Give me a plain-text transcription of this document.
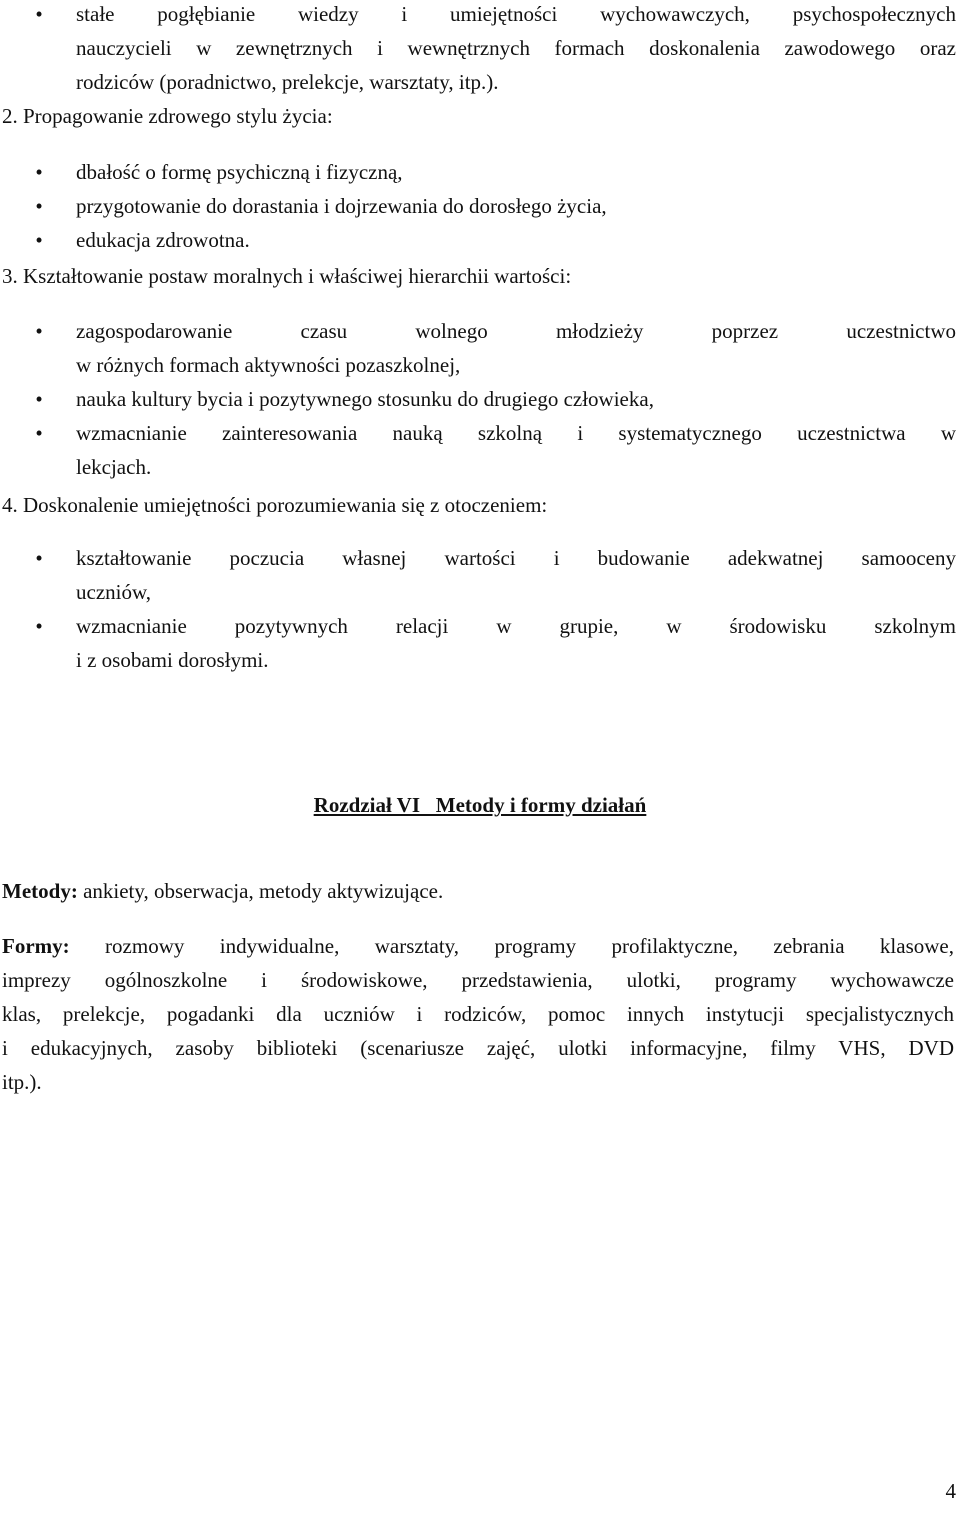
•	stałe pogłębianie wiedzy i umiejętności wychowawczych, psychospołecznych
nauczycieli w zewnętrznych i wewnętrznych formach doskonalenia zawodowego oraz
rodziców (poradnictwo, prelekcje, warsztaty, itp.).
2. Propagowanie zdrowego stylu życia:
•	dbałość o formę psychiczną i fizyczną,
•	przygotowanie do dorastania i dojrzewania do dorosłego życia,
•	edukacja zdrowotna.
3. Kształtowanie postaw moralnych i właściwej hierarchii wartości:
•	zagospodarowanie czasu wolnego młodzieży poprzez uczestnictwo
w różnych formach aktywności pozaszkolnej,
•	nauka kultury bycia i pozytywnego stosunku do drugiego człowieka,
•	wzmacnianie zainteresowania nauką szkolną i systematycznego uczestnictwa w
lekcjach.
4. Doskonalenie umiejętności porozumiewania się z otoczeniem:
•	kształtowanie poczucia własnej wartości i budowanie adekwatnej samooceny
uczniów,
•	wzmacnianie pozytywnych relacji w grupie, w środowisku szkolnym
i z osobami dorosłymi.
Rozdział VI   Metody i formy działań
Metody: ankiety, obserwacja, metody aktywizujące.
Formy: rozmowy indywidualne, warsztaty, programy profilaktyczne, zebrania klasowe,
imprezy ogólnoszkolne i środowiskowe, przedstawienia, ulotki, programy wychowawcze
klas, prelekcje, pogadanki dla uczniów i rodziców, pomoc innych instytucji specjalistycznych
i edukacyjnych, zasoby biblioteki (scenariusze zajęć, ulotki informacyjne, filmy VHS, DVD
itp.).
4
